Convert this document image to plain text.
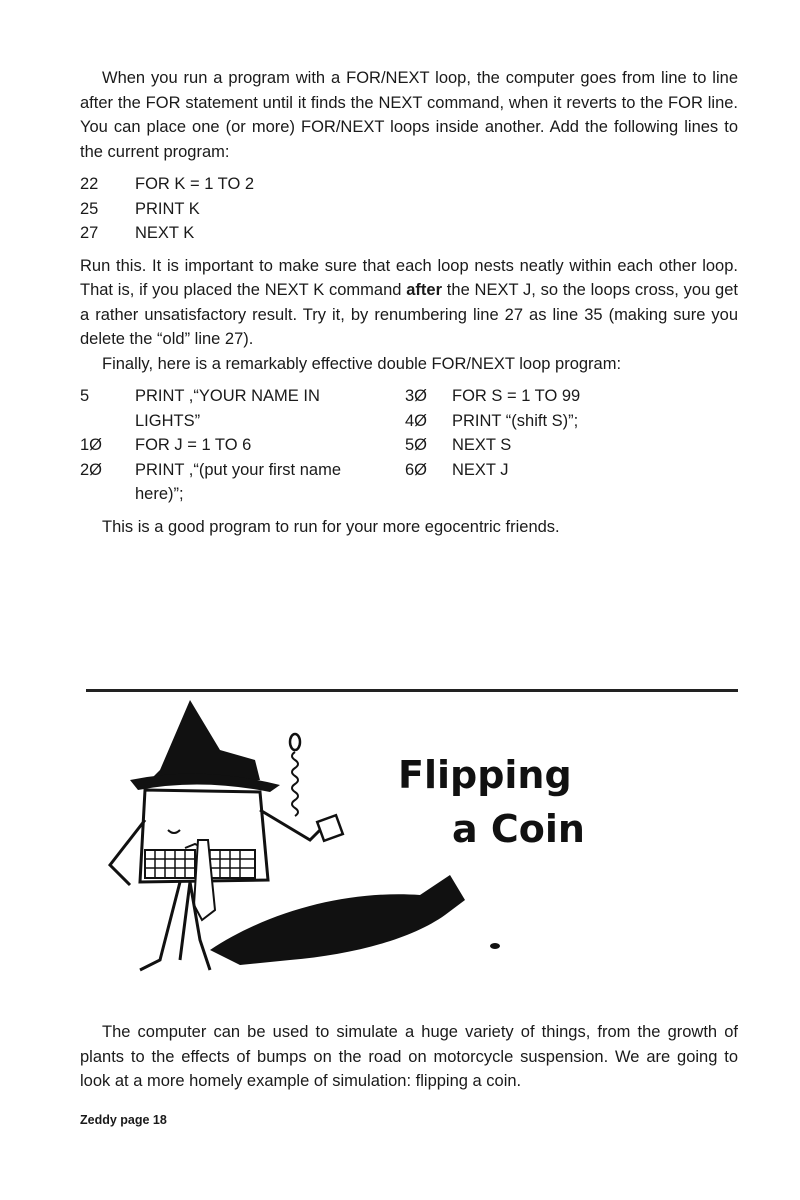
When you run a program with a FOR/NEXT loop, the computer goes from line to line after the FOR statement until it finds the NEXT command, when it reverts to the FOR line. You can place one (or more) FOR/NEXT loops inside another. Add the following lines to the current program:
22	FOR K = 1 TO 2
25	PRINT K
27	NEXT K
Run this. It is important to make sure that each loop nests neatly within each other loop. That is, if you placed the NEXT K command after the NEXT J, so the loops cross, you get a rather unsatisfactory result. Try it, by renumbering line 27 as line 35 (making sure you delete the “old” line 27).
Finally, here is a remarkably effective double FOR/NEXT loop program:
5	PRINT ,“YOUR NAME IN LIGHTS”
1Ø	FOR J = 1 TO 6
2Ø	PRINT ,“(put your first name here)”;
3Ø	FOR S = 1 TO 99
4Ø	PRINT “(shift S)”;
5Ø	NEXT S
6Ø	NEXT J
This is a good program to run for your more egocentric friends.
Flipping
a Coin
The computer can be used to simulate a huge variety of things, from the growth of plants to the effects of bumps on the road on motorcycle suspension. We are going to look at a more homely example of simulation: flipping a coin.
Zeddy page 18
